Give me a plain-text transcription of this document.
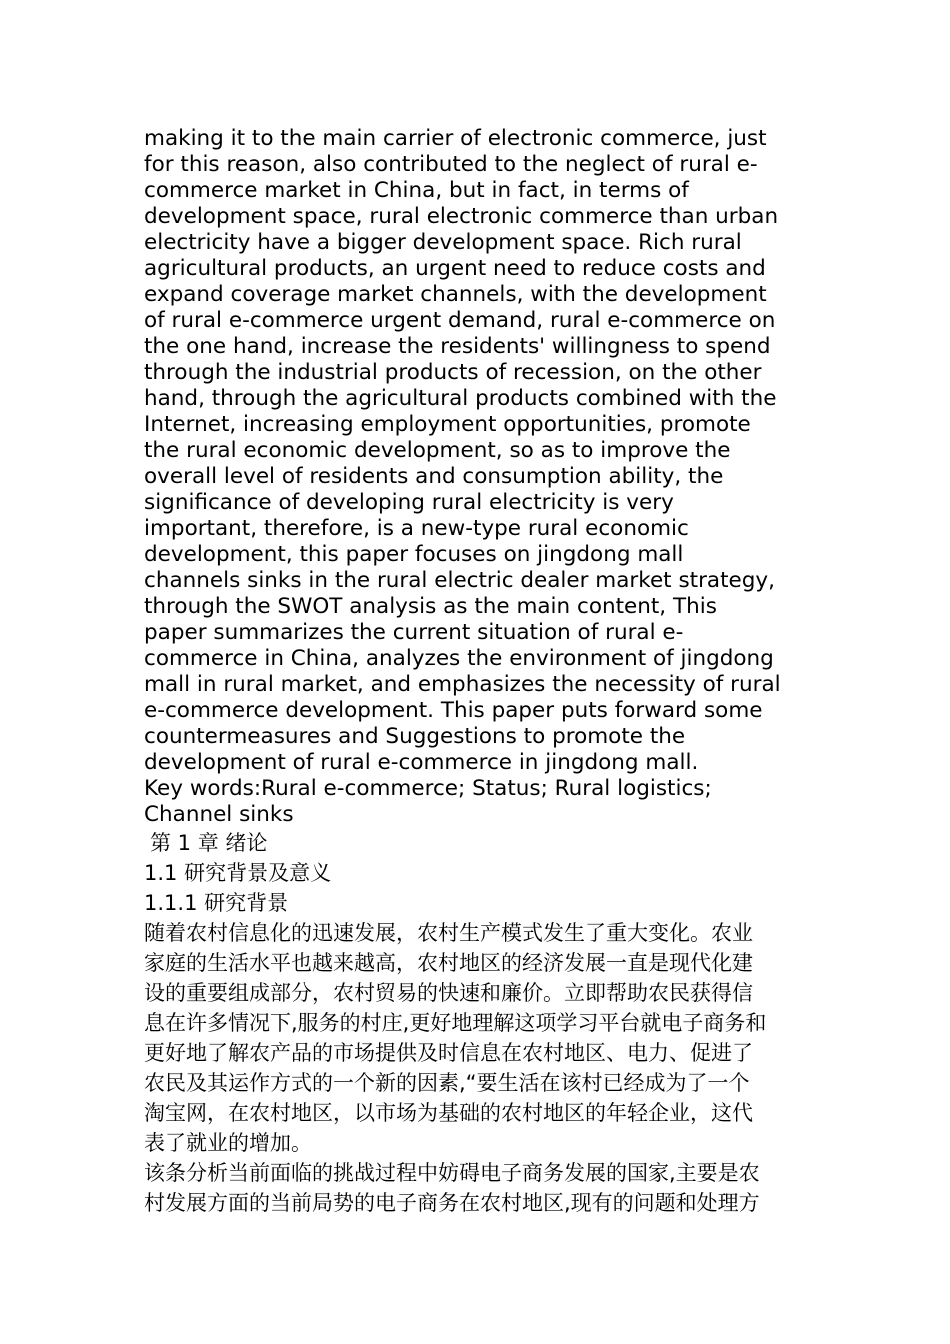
making it to the main carrier of electronic commerce, just
for this reason, also contributed to the neglect of rural e-
commerce market in China, but in fact, in terms of
development space, rural electronic commerce than urban
electricity have a bigger development space. Rich rural
agricultural products, an urgent need to reduce costs and
expand coverage market channels, with the development
of rural e-commerce urgent demand, rural e-commerce on
the one hand, increase the residents' willingness to spend
through the industrial products of recession, on the other
hand, through the agricultural products combined with the
Internet, increasing employment opportunities, promote
the rural economic development, so as to improve the
overall level of residents and consumption ability, the
significance of developing rural electricity is very
important, therefore, is a new-type rural economic
development, this paper focuses on jingdong mall
channels sinks in the rural electric dealer market strategy,
through the SWOT analysis as the main content, This
paper summarizes the current situation of rural e-
commerce in China, analyzes the environment of jingdong
mall in rural market, and emphasizes the necessity of rural
e-commerce development. This paper puts forward some
countermeasures and Suggestions to promote the
development of rural e-commerce in jingdong mall.
Key words:Rural e-commerce; Status; Rural logistics;
Channel sinks
第 1 章 绪论
1.1 研究背景及意义
1.1.1 研究背景
随着农村信息化的迅速发展，农村生产模式发生了重大变化。农业
家庭的生活水平也越来越高，农村地区的经济发展一直是现代化建
设的重要组成部分，农村贸易的快速和廉价。立即帮助农民获得信
息在许多情况下,服务的村庄,更好地理解这项学习平台就电子商务和
更好地了解农产品的市场提供及时信息在农村地区、电力、促进了
农民及其运作方式的一个新的因素,“要生活在该村已经成为了一个
淘宝网，在农村地区，以市场为基础的农村地区的年轻企业，这代
表了就业的增加。
该条分析当前面临的挑战过程中妨碍电子商务发展的国家,主要是农
村发展方面的当前局势的电子商务在农村地区,现有的问题和处理方
